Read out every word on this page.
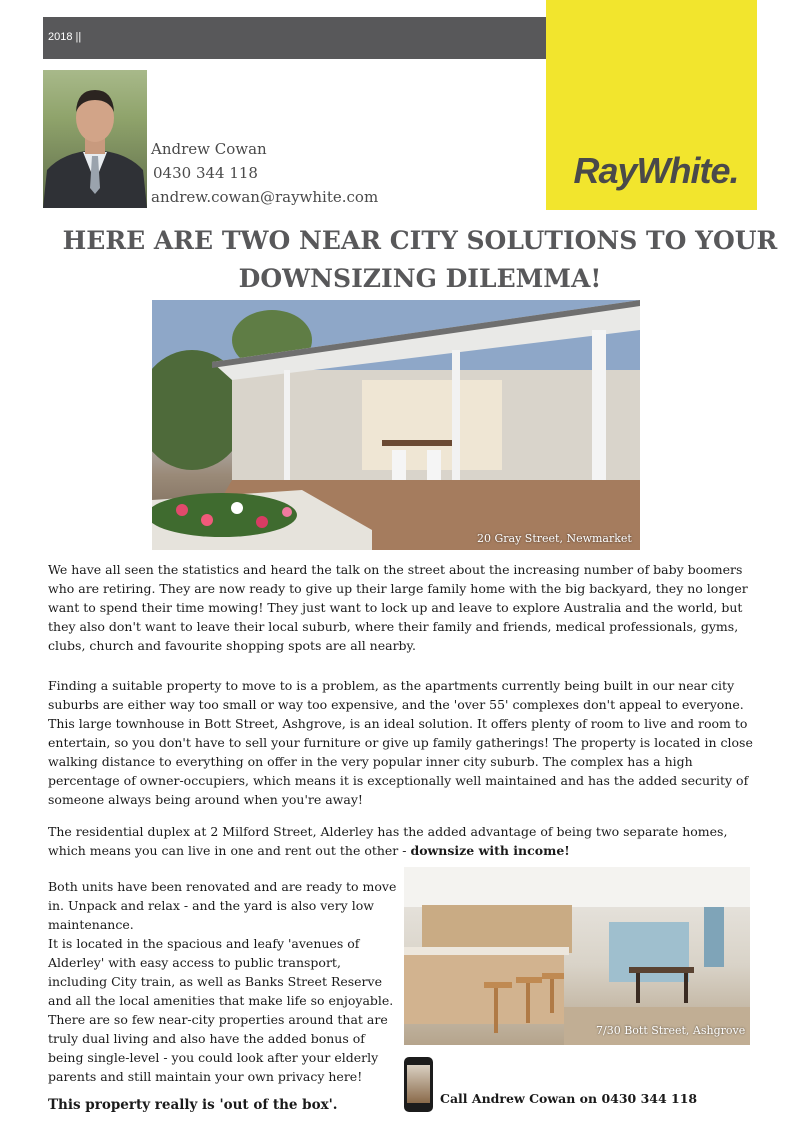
2018 ||
RayWhite.
Andrew Cowan
0430 344 118
andrew.cowan@raywhite.com
HERE ARE TWO NEAR CITY SOLUTIONS TO YOUR DOWNSIZING DILEMMA!
20 Gray Street, Newmarket
We have all seen the statistics and heard the talk on the street about the increasing number of baby boomers who are retiring. They are now ready to give up their large family home with the big backyard, they no longer want to spend their time mowing! They just want to lock up and leave to explore Australia and the world, but they also don't want to leave their local suburb, where their family and friends, medical professionals, gyms, clubs, church and favourite shopping spots are all nearby.
Finding a suitable property to move to is a problem, as the apartments currently being built in our near city suburbs are either way too small or way too expensive, and the 'over 55' complexes don't appeal to everyone. This large townhouse in Bott Street, Ashgrove, is an ideal solution. It offers plenty of room to live and room to entertain, so you don't have to sell your furniture or give up family gatherings! The property is located in close walking distance to everything on offer in the very popular inner city suburb. The complex has a high percentage of owner-occupiers, which means it is exceptionally well maintained and has the added security of someone always being around when you're away!
The residential duplex at 2 Milford Street, Alderley has the added advantage of being two separate homes, which means you can live in one and rent out the other - downsize with income!
Both units have been renovated and are ready to move in. Unpack and relax - and the yard is also very low maintenance.
It is located in the spacious and leafy 'avenues of Alderley' with easy access to public transport, including City train, as well as Banks Street Reserve and all the local amenities that make life so enjoyable. There are so few near-city properties around that are truly dual living and also have the added bonus of being single-level - you could look after your elderly parents and still maintain your own privacy here!
This property really is 'out of the box'.
7/30 Bott Street, Ashgrove
Call Andrew Cowan on 0430 344 118
